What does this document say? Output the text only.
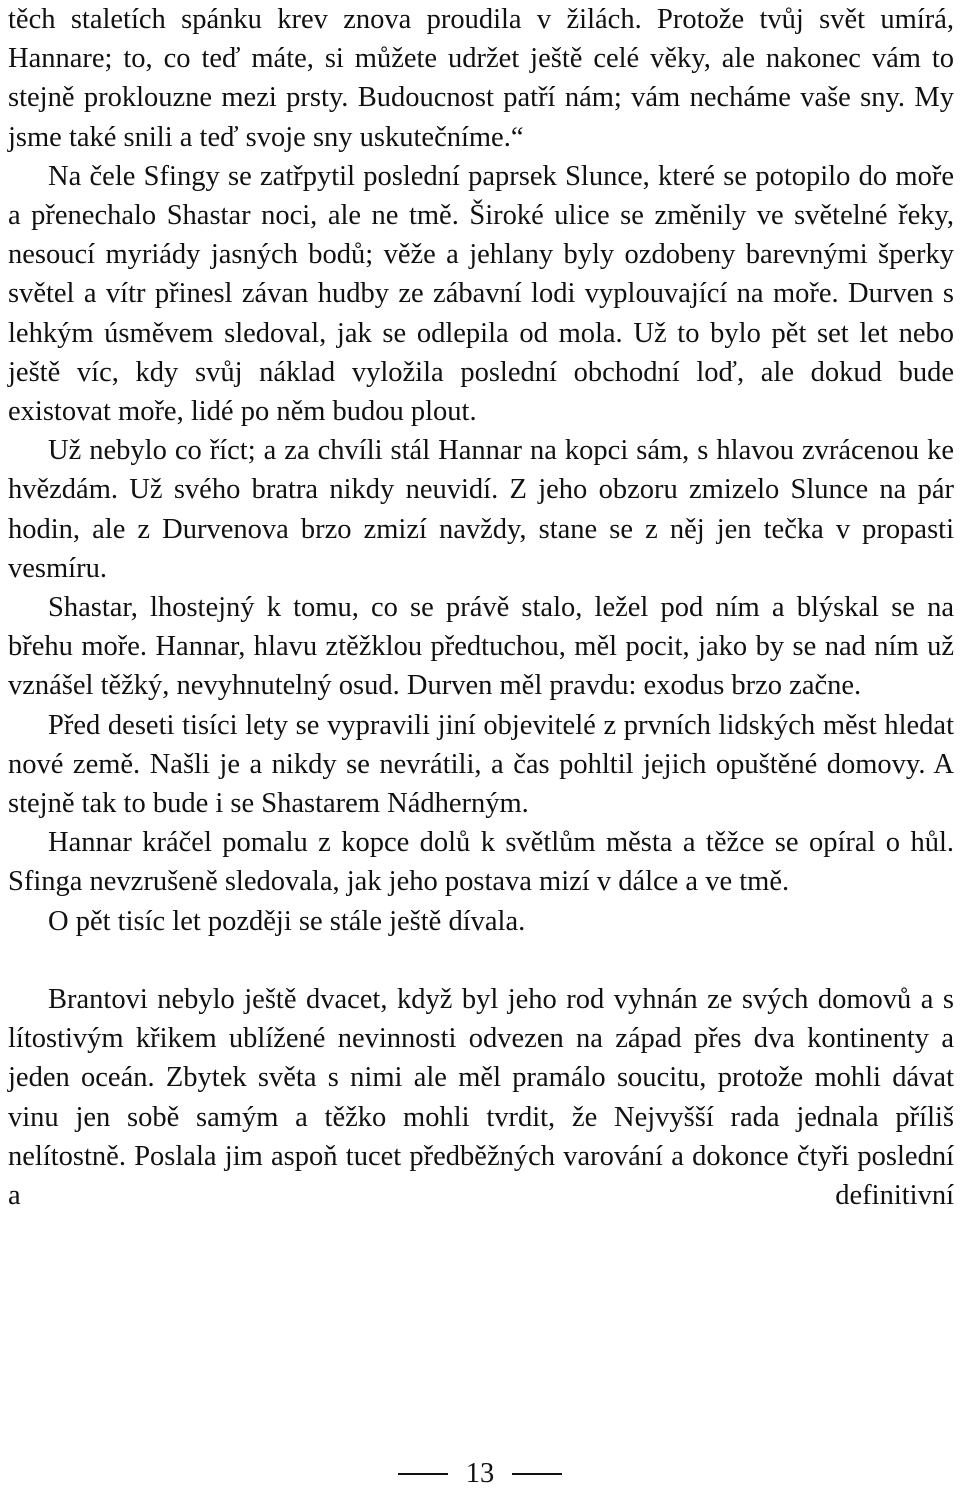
těch staletích spánku krev znova proudila v žilách. Protože tvůj svět umírá, Hannare; to, co teď máte, si můžete udržet ještě celé věky, ale nakonec vám to stejně proklouzne mezi prsty. Budoucnost patří nám; vám necháme vaše sny. My jsme také snili a teď svoje sny uskutečníme.“

Na čele Sfingy se zatřpytil poslední paprsek Slunce, které se potopilo do moře a přenechalo Shastar noci, ale ne tmě. Široké ulice se změnily ve světelné řeky, nesoucí myriády jasných bodů; věže a jehlany byly ozdobeny barevnými šperky světel a vítr přinesl závan hudby ze zábavní lodi vyplouvající na moře. Durven s lehkým úsměvem sledoval, jak se odlepila od mola. Už to bylo pět set let nebo ještě víc, kdy svůj náklad vyložila poslední obchodní loď, ale dokud bude existovat moře, lidé po něm budou plout.

Už nebylo co říct; a za chvíli stál Hannar na kopci sám, s hlavou zvrácenou ke hvězdám. Už svého bratra nikdy neuvidí. Z jeho obzoru zmizelo Slunce na pár hodin, ale z Durvenova brzo zmizí navždy, stane se z něj jen tečka v propasti vesmíru.

Shastar, lhostejný k tomu, co se právě stalo, ležel pod ním a blýskal se na břehu moře. Hannar, hlavu ztěžklou předtuchou, měl pocit, jako by se nad ním už vznášel těžký, nevyhnutelný osud. Durven měl pravdu: exodus brzo začne.

Před deseti tisíci lety se vypravili jiní objevitelé z prvních lidských měst hledat nové země. Našli je a nikdy se nevrátili, a čas pohltil jejich opuštěné domovy. A stejně tak to bude i se Shastarem Nádherným.

Hannar kráčel pomalu z kopce dolů k světlům města a těžce se opíral o hůl. Sfinga nevzrušeně sledovala, jak jeho postava mizí v dálce a ve tmě.

O pět tisíc let později se stále ještě dívala.

Brantovi nebylo ještě dvacet, když byl jeho rod vyhnán ze svých domovů a s lítostivým křikem ublížené nevinnosti odvezen na západ přes dva kontinenty a jeden oceán. Zbytek světa s nimi ale měl pramálo soucitu, protože mohli dávat vinu jen sobě samým a těžko mohli tvrdit, že Nejvyšší rada jednala příliš nelítostně. Poslala jim aspoň tucet předběžných varování a dokonce čtyři poslední a definitivní

13
